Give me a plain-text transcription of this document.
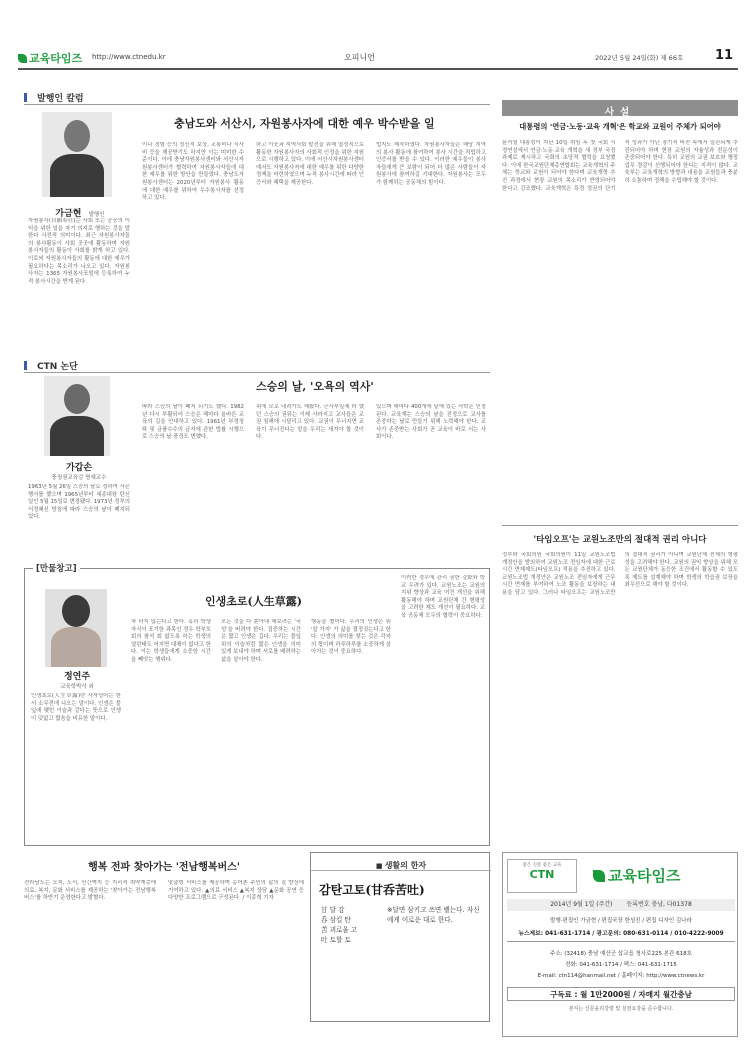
교육타임즈 http://www.ctnedu.kr	오피니언	2022년 5월 24일(화) 제 66호 11
발행인 칼럼
충남도와 서산시, 자원봉사자에 대한 예우 박수받을 일
가금현 발행인
자원봉사(自願奉仕)는 사회 또는 공공의 이익을 위한 일을 자기 의지로 행하는 것을 말한다 사전적 의미이다. 최근 자원봉사자들의 봉사활동이 사회 곳곳에 활동하며 자원봉사자들의 활동이 사회를 밝게 하고 있다. 이로써 자원봉사자들의 활동에 대한 예우가 필요하다는 목소리가 나오고 있다. 자원봉사자는 1365 자원봉사포털에 등록하여 누적 봉사시간을 받게 된다.
이나 경험 등의 정신적 보상, 교통비나 식사비 등을 제공받기도 하지만 이는 미미한 수준이다. 이에 충남자원봉사센터와 서산시자원봉사센터가 협력하여 자원봉사자들에 대한 예우를 위한 방안을 만들었다. 충남도자원봉사센터는 2020년부터 자원봉사 활동에 대한 예우를 위하여 우수봉사자를 선정하고 있다.
하고 이웃과 지역사회 발전을 위해 열정적으로 활동한 자원봉사자의 사회적 인정을 위한 지원으로 시행하고 있다. 이에 서산시자원봉사센터에서도 자원봉사자에 대한 예우를 위한 다양한 정책을 마련하였으며 누적 봉사시간에 따라 인증서와 혜택을 제공한다.
법지도 제작하였다. 자원봉사자들은 해당 지역의 봉사 활동에 참여하여 봉사 시간을 적립하고 인증서를 받을 수 있다. 이러한 예우들이 봉사자들에게 큰 보람이 되어 더 많은 사람들이 자원봉사에 참여하길 기대한다. 자원봉사는 모두가 함께하는 공동체의 힘이다.
사설
대통령의 '연금·노동·교육 개혁'은 학교와 교원이 주체가 되어야
윤석열 대통령이 지난 10일 취임 후 첫 국회 시정연설에서 연금·노동·교육 개혁을 새 정부 국정과제로 제시하고 국회의 초당적 협력을 요청했다. 이에 한국교원단체총연합회는 교육개혁의 주체는 학교와 교원이 되어야 한다며 교육개혁 추진 과정에서 현장 교원의 목소리가 반영되어야 한다고 강조했다. 교육개혁은 특정 정권의 단기적 성과가 아닌 장기적 비전 속에서 일관되게 추진되어야 하며 현장 교원의 자율성과 전문성이 존중되어야 한다. 특히 교원의 교권 보호와 행정업무 경감이 선행되어야 한다는 지적이 많다. 교육부는 교육개혁의 방향과 내용을 교원들과 충분히 소통하며 정책을 수립해야 할 것이다.
'타임오프'는 교원노조만의 절대적 권리 아니다
정부와 국회의원 국회의원이 11일 교원노조법 개정안을 발의하여 교원노조 전임자에 대한 근로시간 면제제도(타임오프) 적용을 추진하고 있다. 교원노조법 개정안은 교원노조 전임자에게 근무시간 면제를 부여하여 노조 활동을 보장하는 내용을 담고 있다. 그러나 타임오프는 교원노조만의 절대적 권리가 아니며 교원단체 전체의 형평성을 고려해야 한다. 교원의 권익 향상을 위해 모든 교원단체가 동등한 조건에서 활동할 수 있도록 제도를 설계해야 하며 학생의 학습권 보장을 최우선으로 해야 할 것이다.
CTN 논단
스승의 날, '오욕의 역사'
가갑손
충청권교육감 명예교수
1963년 5월 26일 스승의 날로 정하여 사은행사를 했으며 1965년부터 세종대왕 탄신일인 5월 15일로 변경됐다. 1973년 정부의 서정쇄신 방침에 따라 스승의 날이 폐지되었다.
따라 스승의 날이 폐지 되기도 했다. 1982년 다시 부활되어 스승은 해마다 올바른 교육의 길을 안내하고 있다. 1961년 부정청탁 및 금품수수의 금지에 관한 법률 시행으로 스승의 날 풍경도 변했다.
위에 모로 내려가도 해봤다. 군사부일체 라 했던 스승의 권위는 이제 사라지고 교사들은 교권 침해에 시달리고 있다. 교권이 무너지면 교육이 무너진다는 말을 우리는 새겨야 할 것이다.
있으며 해마다 400개에 달해 있는 사학은 인정된다. 교육계는 스승의 날을 진정으로 교사를 존중하는 날로 만들기 위해 노력해야 한다. 교사가 존중받는 사회가 곧 교육이 바로 서는 사회이다.
[만물창고]
인생초로(人生草露)
정연주
교육학박사 외
인생초로(人生草露)란 사자성어는 한서 소무전에 나오는 말이다. 인생은 풀잎에 맺힌 이슬과 같다는 뜻으로 인생이 덧없고 짧음을 비유한 말이다.
차 하지 않는다고 한다. 혹히 학생 자식이 포기한 과목인 경우 학부모 회의 참석 회 없도록 하는 학생의 열린태도 어지면 대체이 없다고 한다. 이는 학생들에게 소중한 시간을 빼앗는 행위다.
모든 것을 다 쏟아내 해보려는 '국성'을 버려야 한다. 집중하는 시간은 짧고 인생은 길다. 우리는 풀잎 위의 이슬처럼 짧은 인생을 의미 있게 보내야 하며 서로를 배려하는 삶을 살아야 한다.
행동을 했어다. 우리의 인생은 위 '앞 가지' 가 삶을 결정짓는다고 한다. 인생의 의미를 찾는 것은 각자의 몫이며 하루하루를 소중하게 살아가는 것이 중요하다.
이러한 경우에 관리 권한 강화와 학교 우려가 있다. 교원노조는 교원의 지위 향상과 교육 여건 개선을 위해 활동해야 하며 교원단체 간 형평성을 고려한 제도 개선이 필요하다. 교육 공동체 모두의 협력이 중요하다.
행복 전파 찾아가는 '전남행복버스'
전라남도는 오지, 도서, 산간벽지 등 지리적 취약계층에 의료, 복지, 문화 서비스를 제공하는 '찾아가는 전남행복버스'를 하반기 운영한다고 밝혔다.
맞춤형 서비스를 제공하며 농어촌 주민의 삶의 질 향상에 기여하고 있다. ▲의료 서비스 ▲복지 상담 ▲문화 공연 등 다양한 프로그램으로 구성된다. / 이종혁 기자
■ 생활의 한자
감탄고토(甘呑苦吐)
甘 달 감
呑 삼킬 탄
苦 괴로울 고
吐 토할 토
※달면 삼키고 쓰면 뱉는다. 자신에게 이로운 대로 한다.
좋은 신문 좋은 교육
CTN	교육타임즈
2014년 9월 1일 (주간) 등록번호 충남, 다01378
발행·편집인 가금현 / 편집국장 한성진 / 편집 디자인 김나라
뉴스제보: 041-631-1714 / 광고문의: 080-631-0114 / 010-4222-9009
주소: (32418) 충남 예산군 삽교읍 청사로225 본관 618호
전화: 041-631-1714 / 팩스: 041-631-1715
E-mail: ctn114@hanmail.net / 홈페이지: http://www.ctnews.kr
구독료 : 월 1만2000원 / 자매지 월간충남
본지는 신문윤리강령 및 실천요강을 준수합니다.
